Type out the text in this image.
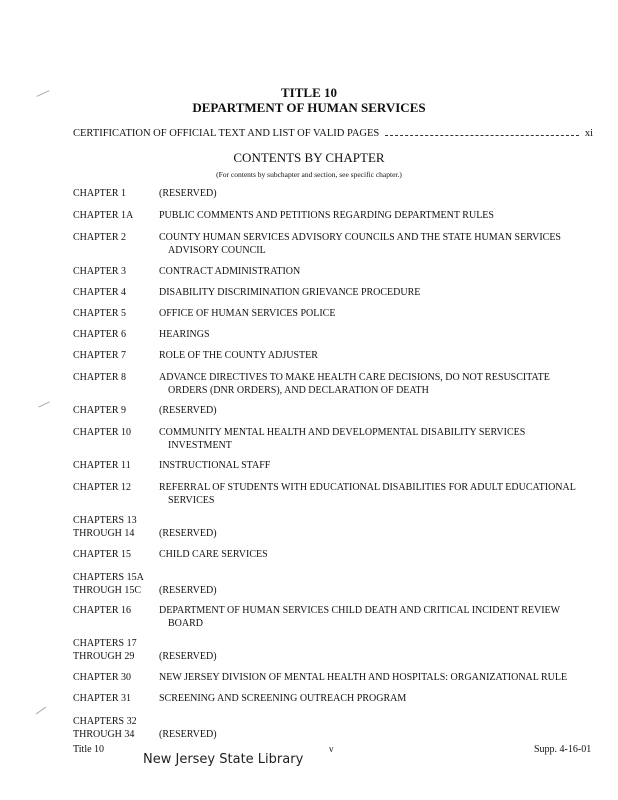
TITLE 10
DEPARTMENT OF HUMAN SERVICES
CERTIFICATION OF OFFICIAL TEXT AND LIST OF VALID PAGES	xi
CONTENTS BY CHAPTER
(For contents by subchapter and section, see specific chapter.)
CHAPTER 1	(RESERVED)
CHAPTER 1A	PUBLIC COMMENTS AND PETITIONS REGARDING DEPARTMENT RULES
CHAPTER 2	COUNTY HUMAN SERVICES ADVISORY COUNCILS AND THE STATE HUMAN SERVICES
ADVISORY COUNCIL
CHAPTER 3	CONTRACT ADMINISTRATION
CHAPTER 4	DISABILITY DISCRIMINATION GRIEVANCE PROCEDURE
CHAPTER 5	OFFICE OF HUMAN SERVICES POLICE
CHAPTER 6	HEARINGS
CHAPTER 7	ROLE OF THE COUNTY ADJUSTER
CHAPTER 8	ADVANCE DIRECTIVES TO MAKE HEALTH CARE DECISIONS, DO NOT RESUSCITATE
ORDERS (DNR ORDERS), AND DECLARATION OF DEATH
CHAPTER 9	(RESERVED)
CHAPTER 10	COMMUNITY MENTAL HEALTH AND DEVELOPMENTAL DISABILITY SERVICES
INVESTMENT
CHAPTER 11	INSTRUCTIONAL STAFF
CHAPTER 12	REFERRAL OF STUDENTS WITH EDUCATIONAL DISABILITIES FOR ADULT EDUCATIONAL
SERVICES
CHAPTERS 13
THROUGH 14	(RESERVED)
CHAPTER 15	CHILD CARE SERVICES
CHAPTERS 15A
THROUGH 15C	(RESERVED)
CHAPTER 16	DEPARTMENT OF HUMAN SERVICES CHILD DEATH AND CRITICAL INCIDENT REVIEW
BOARD
CHAPTERS 17
THROUGH 29	(RESERVED)
CHAPTER 30	NEW JERSEY DIVISION OF MENTAL HEALTH AND HOSPITALS: ORGANIZATIONAL RULE
CHAPTER 31	SCREENING AND SCREENING OUTREACH PROGRAM
CHAPTERS 32
THROUGH 34	(RESERVED)
Title 10	v	Supp. 4-16-01
New Jersey State Library
